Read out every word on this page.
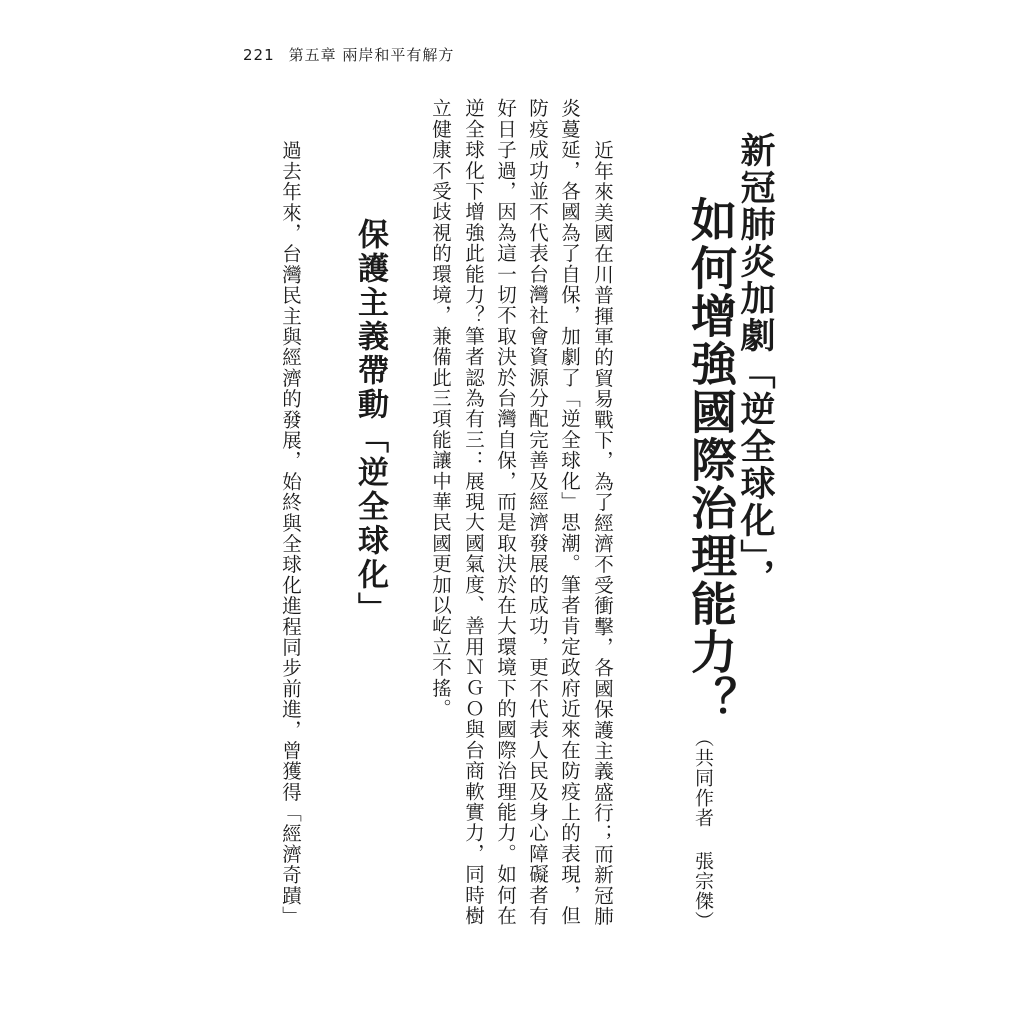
221 第五章 兩岸和平有解方
新冠肺炎加劇「逆全球化」，
如何增強國際治理能力？
（共同作者 張宗傑）
近年來美國在川普揮軍的貿易戰下，為了經濟不受衝擊，各國保護主義盛行；而新冠肺
炎蔓延，各國為了自保，加劇了「逆全球化」思潮。筆者肯定政府近來在防疫上的表現，但
防疫成功並不代表台灣社會資源分配完善及經濟發展的成功，更不代表人民及身心障礙者有
好日子過，因為這一切不取決於台灣自保，而是取決於在大環境下的國際治理能力。如何在
逆全球化下增強此能力？筆者認為有三：展現大國氣度、善用ＮＧＯ與台商軟實力，同時樹
立健康不受歧視的環境，兼備此三項能讓中華民國更加以屹立不搖。
保護主義帶動「逆全球化」
過去年來，台灣民主與經濟的發展，始終與全球化進程同步前進，曾獲得「經濟奇蹟」
